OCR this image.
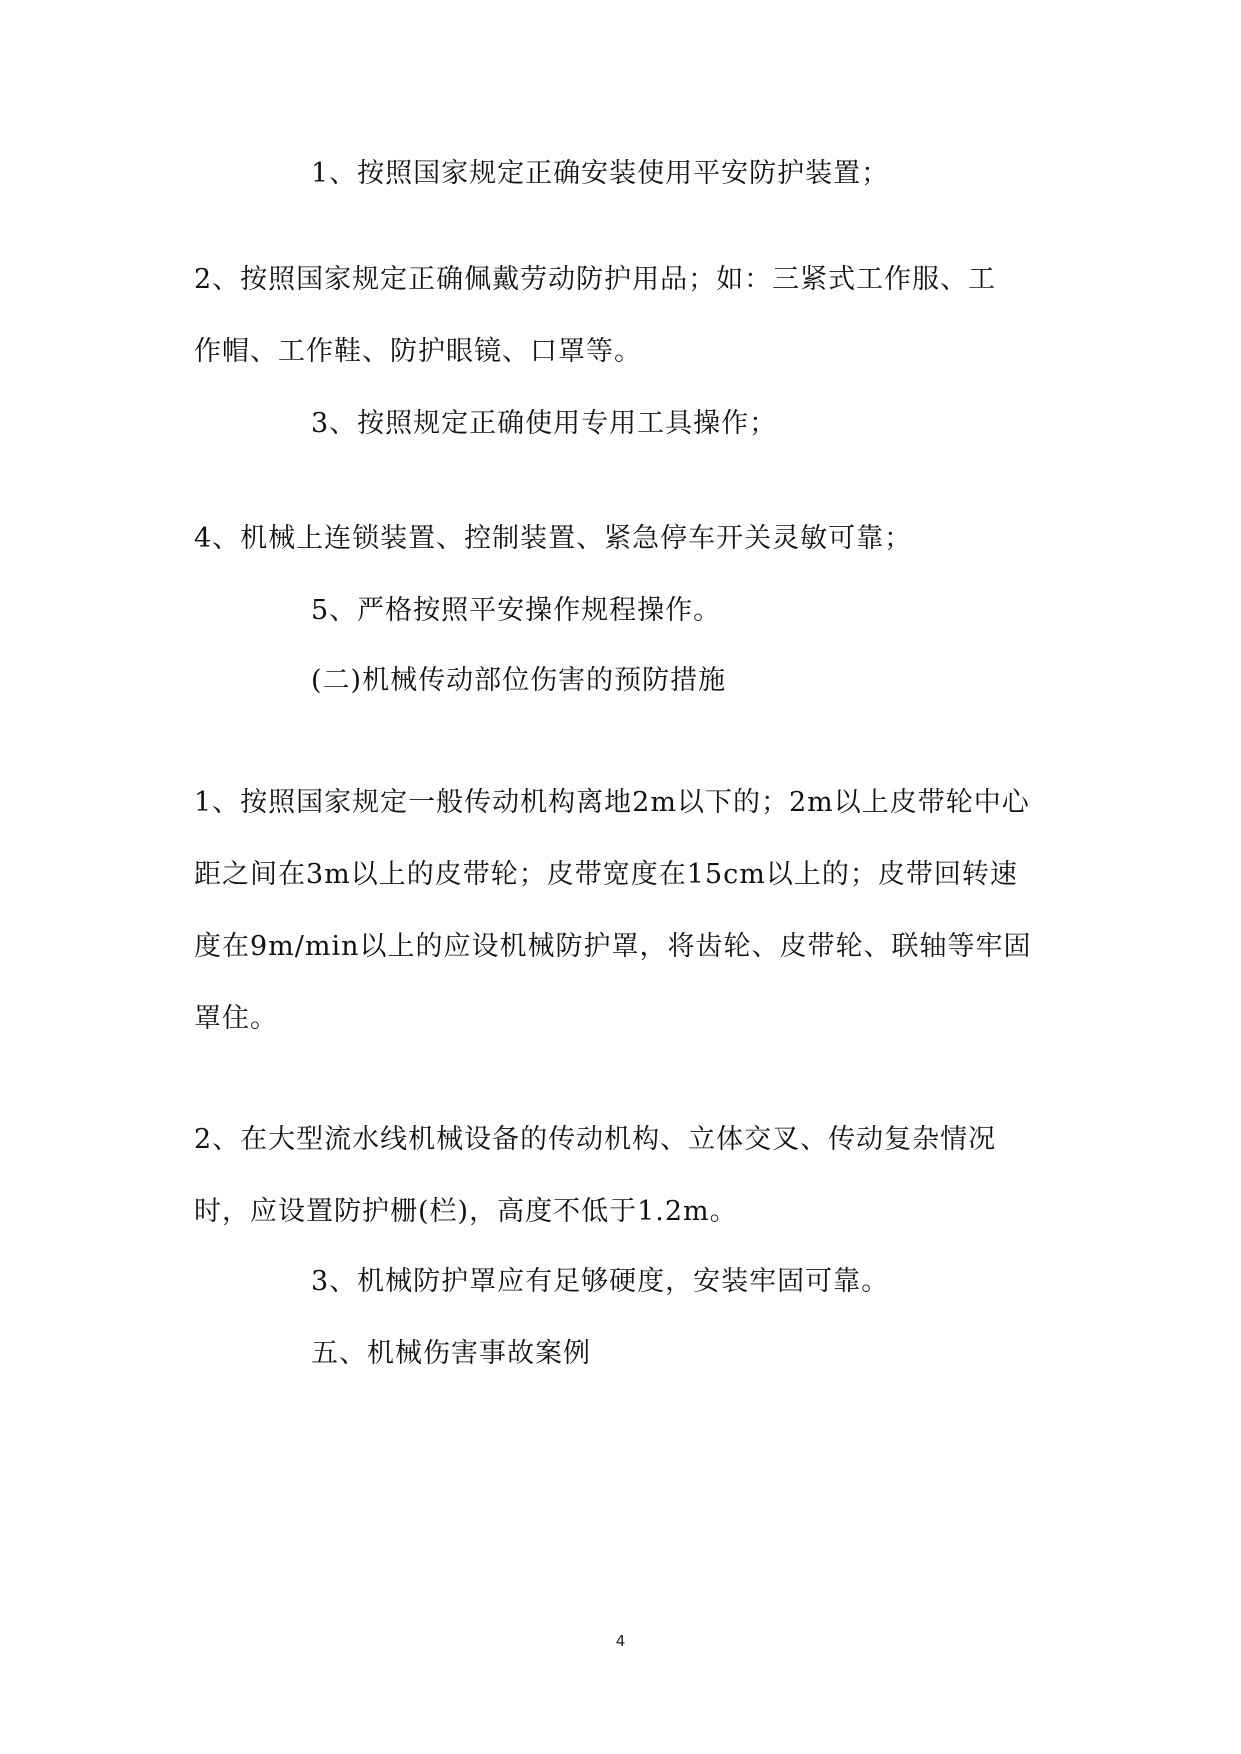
1、按照国家规定正确安装使用平安防护装置；
2、按照国家规定正确佩戴劳动防护用品；如：三紧式工作服、工
作帽、工作鞋、防护眼镜、口罩等。
3、按照规定正确使用专用工具操作；
4、机械上连锁装置、控制装置、紧急停车开关灵敏可靠；
5、严格按照平安操作规程操作。
(二)机械传动部位伤害的预防措施
1、按照国家规定一般传动机构离地2m以下的；2m以上皮带轮中心
距之间在3m以上的皮带轮；皮带宽度在15cm以上的；皮带回转速
度在9m/min以上的应设机械防护罩，将齿轮、皮带轮、联轴等牢固
罩住。
2、在大型流水线机械设备的传动机构、立体交叉、传动复杂情况
时，应设置防护栅(栏)，高度不低于1.2m。
3、机械防护罩应有足够硬度，安装牢固可靠。
五、机械伤害事故案例
4
